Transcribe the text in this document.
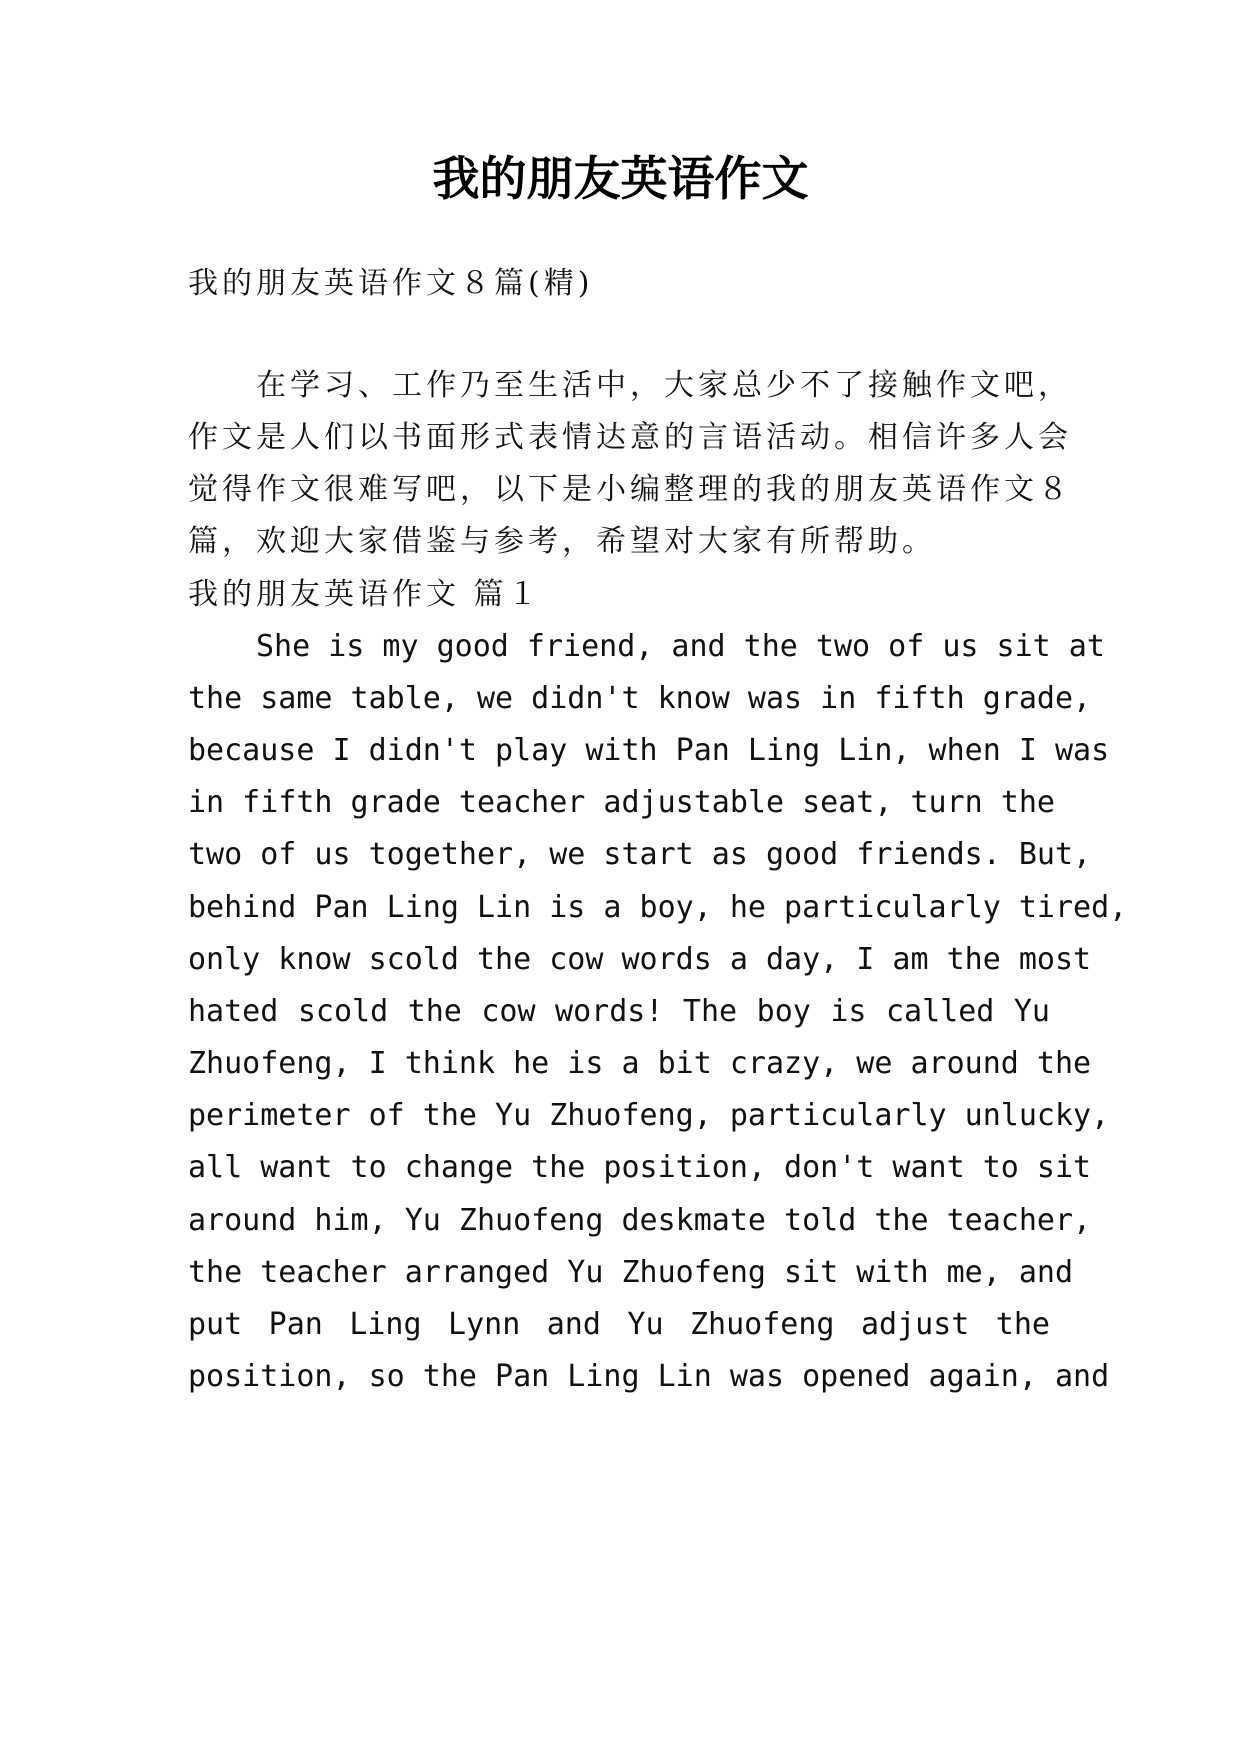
我的朋友英语作文
我的朋友英语作文８篇(精)
在学习、工作乃至生活中，大家总少不了接触作文吧，
作文是人们以书面形式表情达意的言语活动。相信许多人会
觉得作文很难写吧，以下是小编整理的我的朋友英语作文８
篇，欢迎大家借鉴与参考，希望对大家有所帮助。
我的朋友英语作文 篇１
She is my good friend, and the two of us sit at
the same table, we didn't know was in fifth grade,
because I didn't play with Pan Ling Lin, when I was
in fifth grade teacher adjustable seat, turn the
two of us together, we start as good friends. But,
behind Pan Ling Lin is a boy, he particularly tired,
only know scold the cow words a day, I am the most
hated scold the cow words! The boy is called Yu
Zhuofeng, I think he is a bit crazy, we around the
perimeter of the Yu Zhuofeng, particularly unlucky,
all want to change the position, don't want to sit
around him, Yu Zhuofeng deskmate told the teacher,
the teacher arranged Yu Zhuofeng sit with me, and
put Pan Ling Lynn and Yu Zhuofeng adjust the
position, so the Pan Ling Lin was opened again, and
